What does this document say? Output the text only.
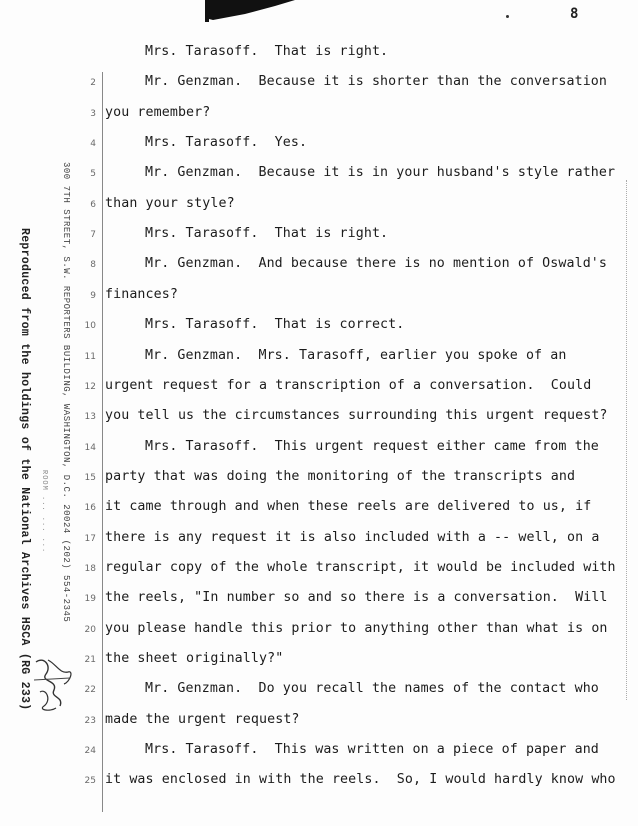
8
Reproduced from the holdings of the National Archives HSCA (RG 233)	300 7TH STREET, S.W. REPORTERS BUILDING, WASHINGTON, D.C. 20024 (202) 554-2345
ROOM ... ... ...
Mrs. Tarasoff.  That is right.
2	Mr. Genzman.  Because it is shorter than the conversation
3 you remember?
4	Mrs. Tarasoff.  Yes.
5	Mr. Genzman.  Because it is in your husband's style rather
6 than your style?
7	Mrs. Tarasoff.  That is right.
8	Mr. Genzman.  And because there is no mention of Oswald's
9 finances?
10	Mrs. Tarasoff.  That is correct.
11	Mr. Genzman.  Mrs. Tarasoff, earlier you spoke of an
12 urgent request for a transcription of a conversation.  Could
13 you tell us the circumstances surrounding this urgent request?
14	Mrs. Tarasoff.  This urgent request either came from the
15 party that was doing the monitoring of the transcripts and
16 it came through and when these reels are delivered to us, if
17 there is any request it is also included with a -- well, on a
18 regular copy of the whole transcript, it would be included with
19 the reels, "In number so and so there is a conversation.  Will
20 you please handle this prior to anything other than what is on
21 the sheet originally?"
22	Mr. Genzman.  Do you recall the names of the contact who
23 made the urgent request?
24	Mrs. Tarasoff.  This was written on a piece of paper and
25 it was enclosed in with the reels.  So, I would hardly know who
